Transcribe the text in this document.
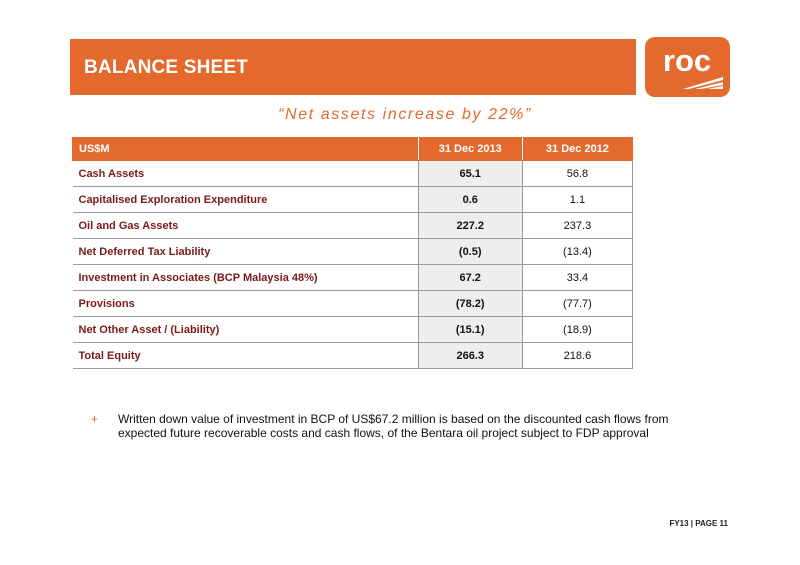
BALANCE SHEET	roc
“Net assets increase by 22%”
US$M	31 Dec 2013	31 Dec 2012
Cash Assets	65.1	56.8
Capitalised Exploration Expenditure	0.6	1.1
Oil and Gas Assets	227.2	237.3
Net Deferred Tax Liability	(0.5)	(13.4)
Investment in Associates (BCP Malaysia 48%)	67.2	33.4
Provisions	(78.2)	(77.7)
Net Other Asset / (Liability)	(15.1)	(18.9)
Total Equity	266.3	218.6
+ Written down value of investment in BCP of US$67.2 million is based on the discounted cash flows from expected future recoverable costs and cash flows, of the Bentara oil project subject to FDP approval
FY13 | PAGE 11
